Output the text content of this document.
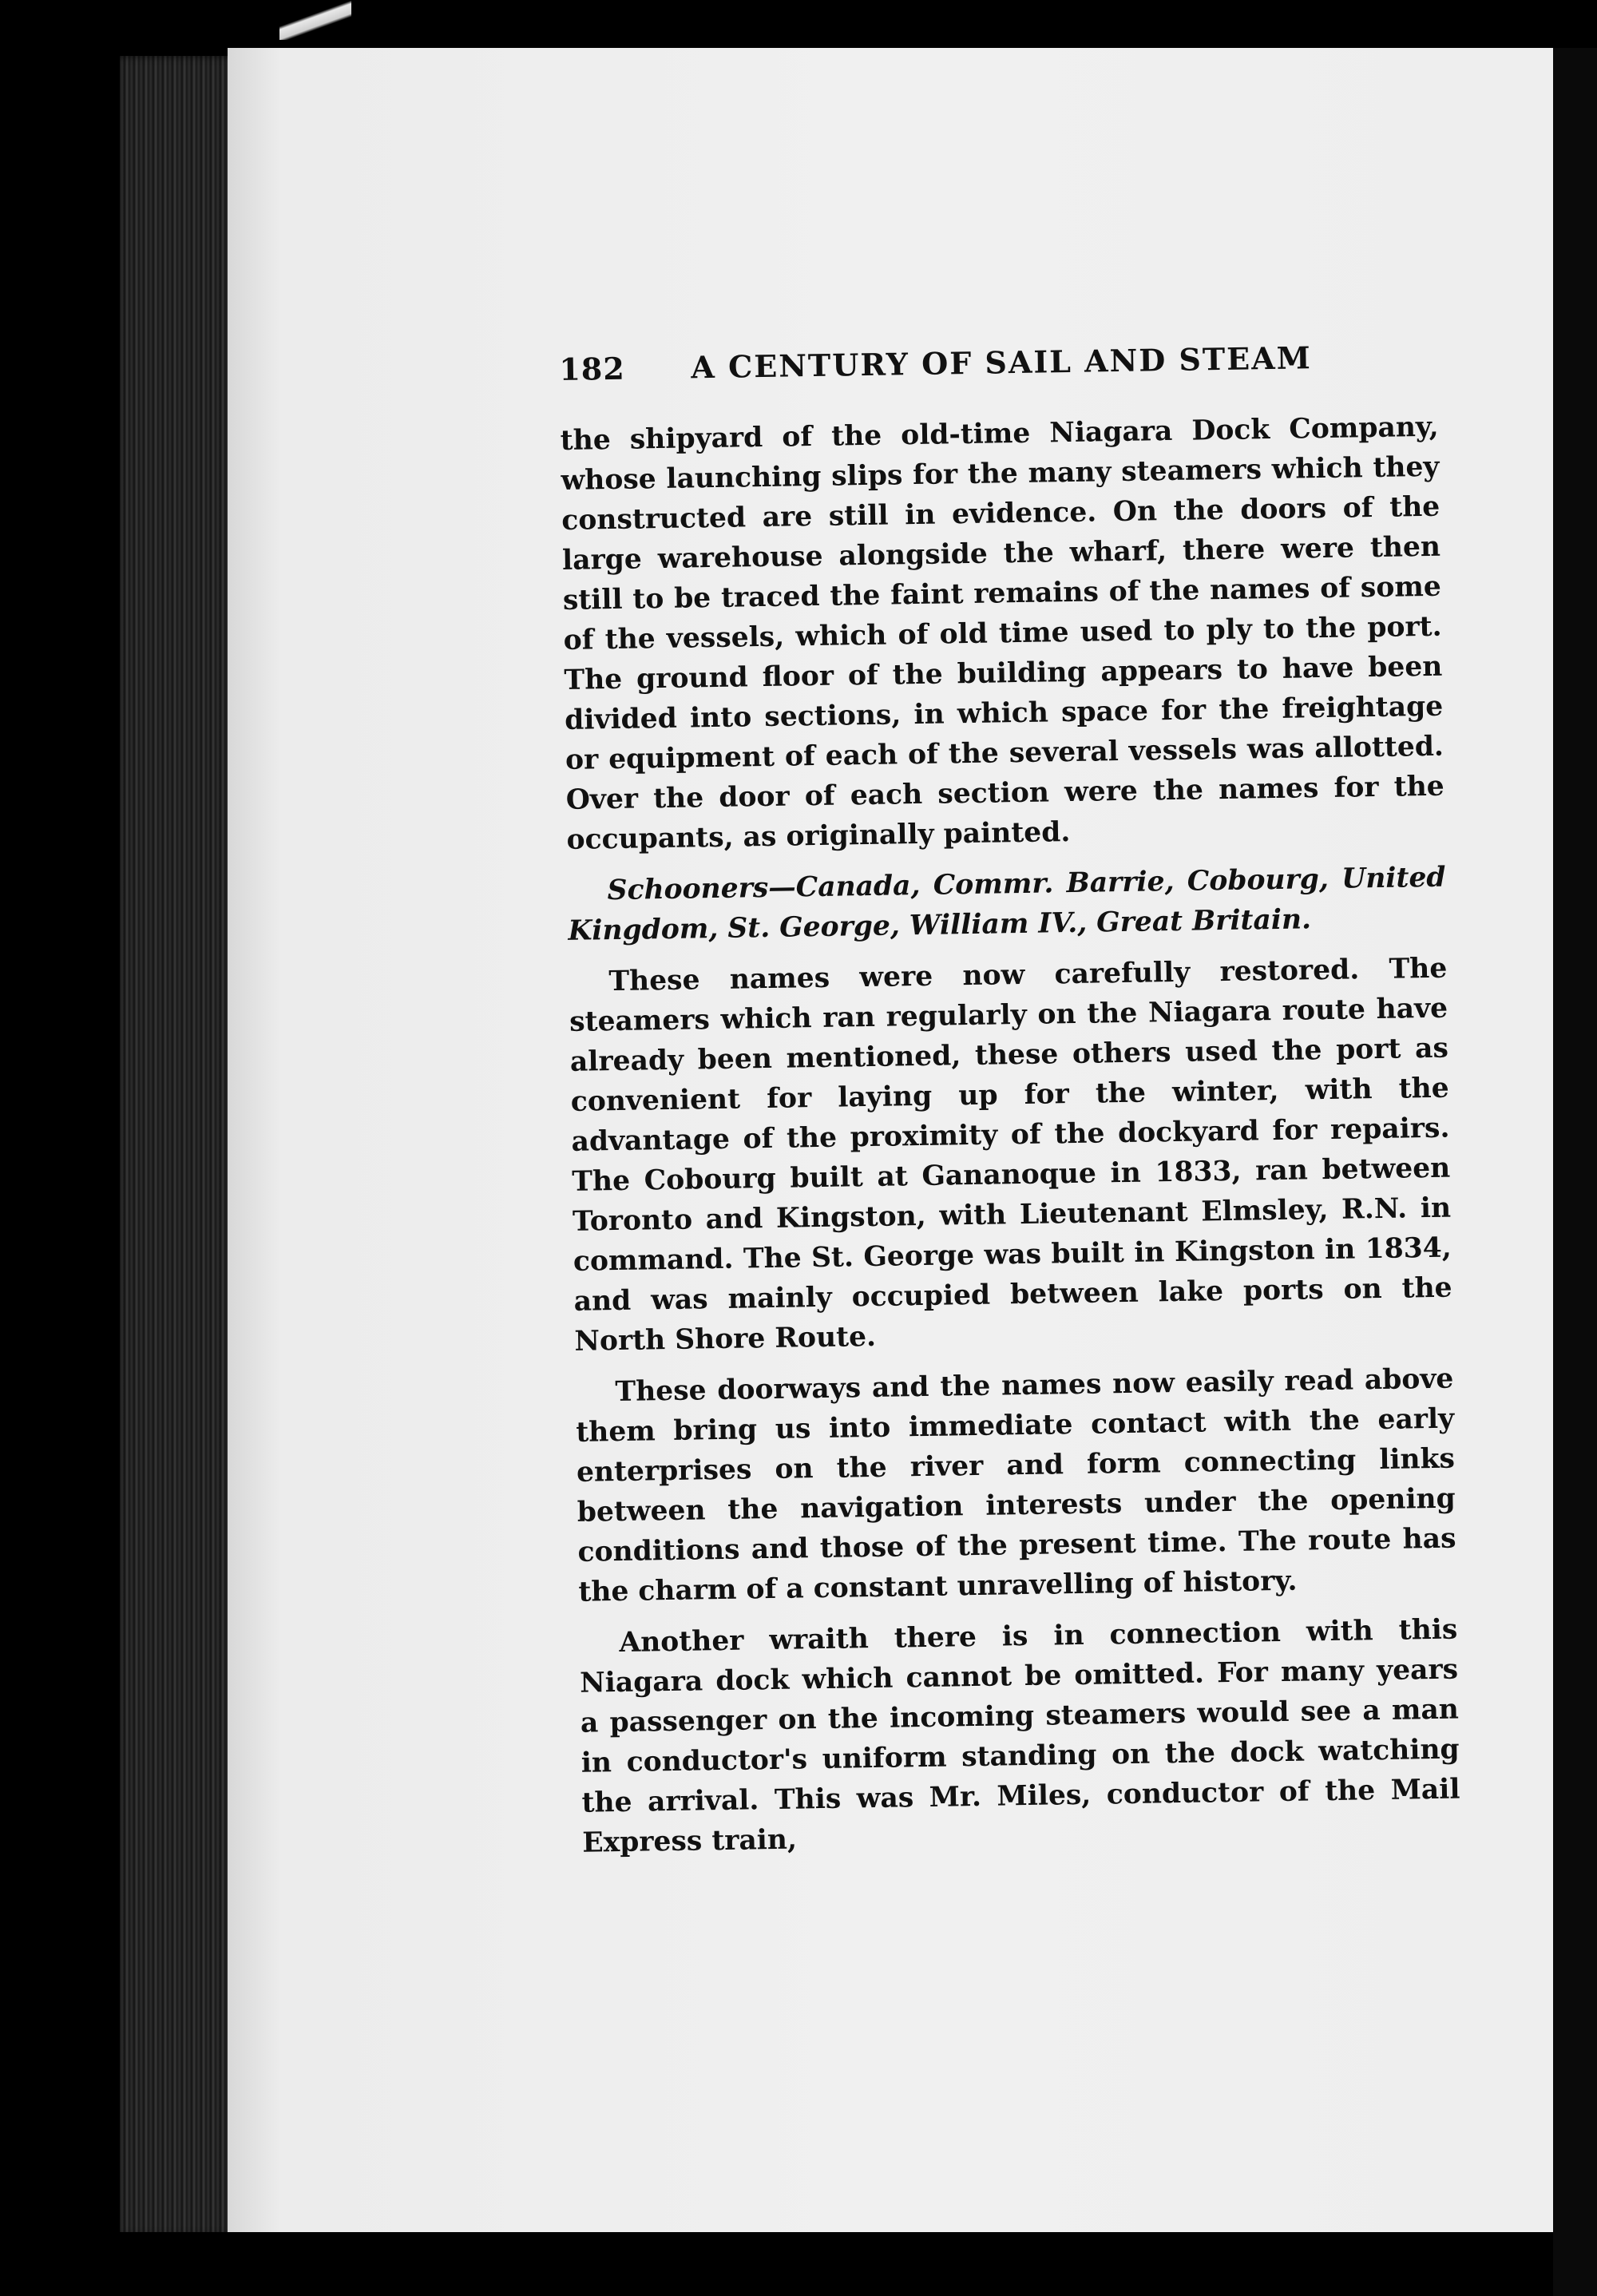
182	A CENTURY OF SAIL AND STEAM

the shipyard of the old-time Niagara Dock Company, whose launching slips for the many steamers which they constructed are still in evidence. On the doors of the large warehouse alongside the wharf, there were then still to be traced the faint remains of the names of some of the vessels, which of old time used to ply to the port. The ground floor of the building appears to have been divided into sections, in which space for the freightage or equipment of each of the several vessels was allotted. Over the door of each section were the names for the occupants, as originally painted.

Schooners—Canada, Commr. Barrie, Cobourg, United Kingdom, St. George, William IV., Great Britain.

These names were now carefully restored. The steamers which ran regularly on the Niagara route have already been mentioned, these others used the port as convenient for laying up for the winter, with the advantage of the proximity of the dockyard for repairs. The Cobourg built at Gananoque in 1833, ran between Toronto and Kingston, with Lieutenant Elmsley, R.N. in command. The St. George was built in Kingston in 1834, and was mainly occupied between lake ports on the North Shore Route.

These doorways and the names now easily read above them bring us into immediate contact with the early enterprises on the river and form connecting links between the navigation interests under the opening conditions and those of the present time. The route has the charm of a constant unravelling of history.

Another wraith there is in connection with this Niagara dock which cannot be omitted. For many years a passenger on the incoming steamers would see a man in conductor's uniform standing on the dock watching the arrival. This was Mr. Miles, conductor of the Mail Express train,
